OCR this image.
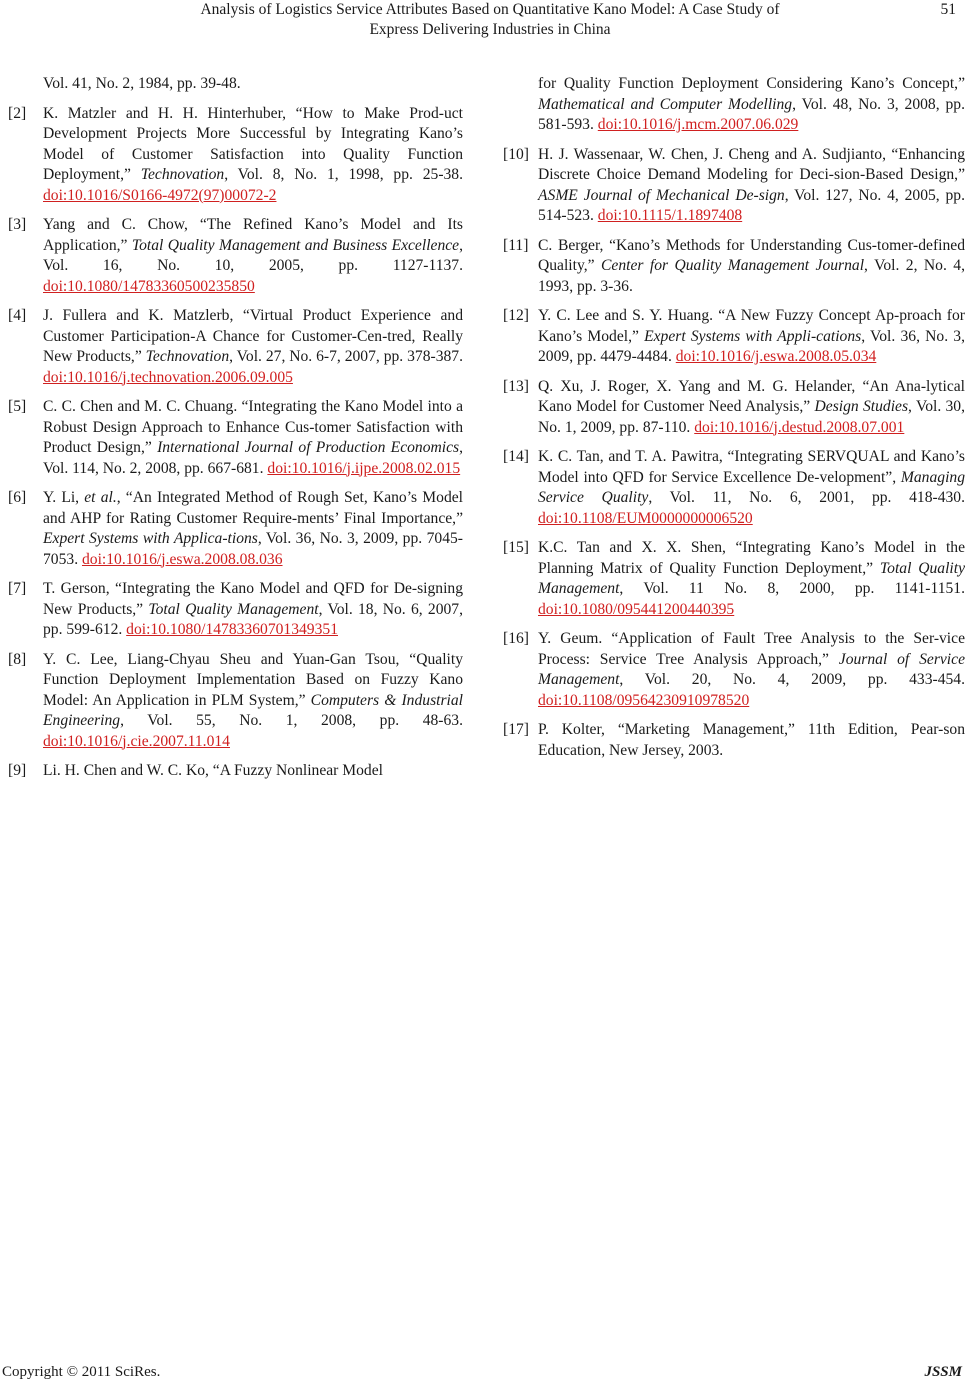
Analysis of Logistics Service Attributes Based on Quantitative Kano Model: A Case Study of
Express Delivering Industries in China
51
Vol. 41, No. 2, 1984, pp. 39-48.
[2] K. Matzler and H. H. Hinterhuber, “How to Make Prod-uct Development Projects More Successful by Integrating Kano’s Model of Customer Satisfaction into Quality Function Deployment,” Technovation, Vol. 8, No. 1, 1998, pp. 25-38. doi:10.1016/S0166-4972(97)00072-2
[3] Yang and C. Chow, “The Refined Kano’s Model and Its Application,” Total Quality Management and Business Excellence, Vol. 16, No. 10, 2005, pp. 1127-1137. doi:10.1080/14783360500235850
[4] J. Fullera and K. Matzlerb, “Virtual Product Experience and Customer Participation-A Chance for Customer-Cen-tred, Really New Products,” Technovation, Vol. 27, No. 6-7, 2007, pp. 378-387. doi:10.1016/j.technovation.2006.09.005
[5] C. C. Chen and M. C. Chuang. “Integrating the Kano Model into a Robust Design Approach to Enhance Cus-tomer Satisfaction with Product Design,” International Journal of Production Economics, Vol. 114, No. 2, 2008, pp. 667-681. doi:10.1016/j.ijpe.2008.02.015
[6] Y. Li, et al., “An Integrated Method of Rough Set, Kano’s Model and AHP for Rating Customer Require-ments’ Final Importance,” Expert Systems with Applica-tions, Vol. 36, No. 3, 2009, pp. 7045-7053. doi:10.1016/j.eswa.2008.08.036
[7] T. Gerson, “Integrating the Kano Model and QFD for De-signing New Products,” Total Quality Management, Vol. 18, No. 6, 2007, pp. 599-612. doi:10.1080/14783360701349351
[8] Y. C. Lee, Liang-Chyau Sheu and Yuan-Gan Tsou, “Quality Function Deployment Implementation Based on Fuzzy Kano Model: An Application in PLM System,” Computers & Industrial Engineering, Vol. 55, No. 1, 2008, pp. 48-63. doi:10.1016/j.cie.2007.11.014
[9] Li. H. Chen and W. C. Ko, “A Fuzzy Nonlinear Model
for Quality Function Deployment Considering Kano’s Concept,” Mathematical and Computer Modelling, Vol. 48, No. 3, 2008, pp. 581-593. doi:10.1016/j.mcm.2007.06.029
[10] H. J. Wassenaar, W. Chen, J. Cheng and A. Sudjianto, “Enhancing Discrete Choice Demand Modeling for Deci-sion-Based Design,” ASME Journal of Mechanical De-sign, Vol. 127, No. 4, 2005, pp. 514-523. doi:10.1115/1.1897408
[11] C. Berger, “Kano’s Methods for Understanding Cus-tomer-defined Quality,” Center for Quality Management Journal, Vol. 2, No. 4, 1993, pp. 3-36.
[12] Y. C. Lee and S. Y. Huang. “A New Fuzzy Concept Ap-proach for Kano’s Model,” Expert Systems with Appli-cations, Vol. 36, No. 3, 2009, pp. 4479-4484. doi:10.1016/j.eswa.2008.05.034
[13] Q. Xu, J. Roger, X. Yang and M. G. Helander, “An Ana-lytical Kano Model for Customer Need Analysis,” Design Studies, Vol. 30, No. 1, 2009, pp. 87-110. doi:10.1016/j.destud.2008.07.001
[14] K. C. Tan, and T. A. Pawitra, “Integrating SERVQUAL and Kano’s Model into QFD for Service Excellence De-velopment”, Managing Service Quality, Vol. 11, No. 6, 2001, pp. 418-430. doi:10.1108/EUM0000000006520
[15] K.C. Tan and X. X. Shen, “Integrating Kano’s Model in the Planning Matrix of Quality Function Deployment,” Total Quality Management, Vol. 11 No. 8, 2000, pp. 1141-1151. doi:10.1080/095441200440395
[16] Y. Geum. “Application of Fault Tree Analysis to the Ser-vice Process: Service Tree Analysis Approach,” Journal of Service Management, Vol. 20, No. 4, 2009, pp. 433-454. doi:10.1108/09564230910978520
[17] P. Kolter, “Marketing Management,” 11th Edition, Pear-son Education, New Jersey, 2003.
Copyright © 2011 SciRes.	JSSM
